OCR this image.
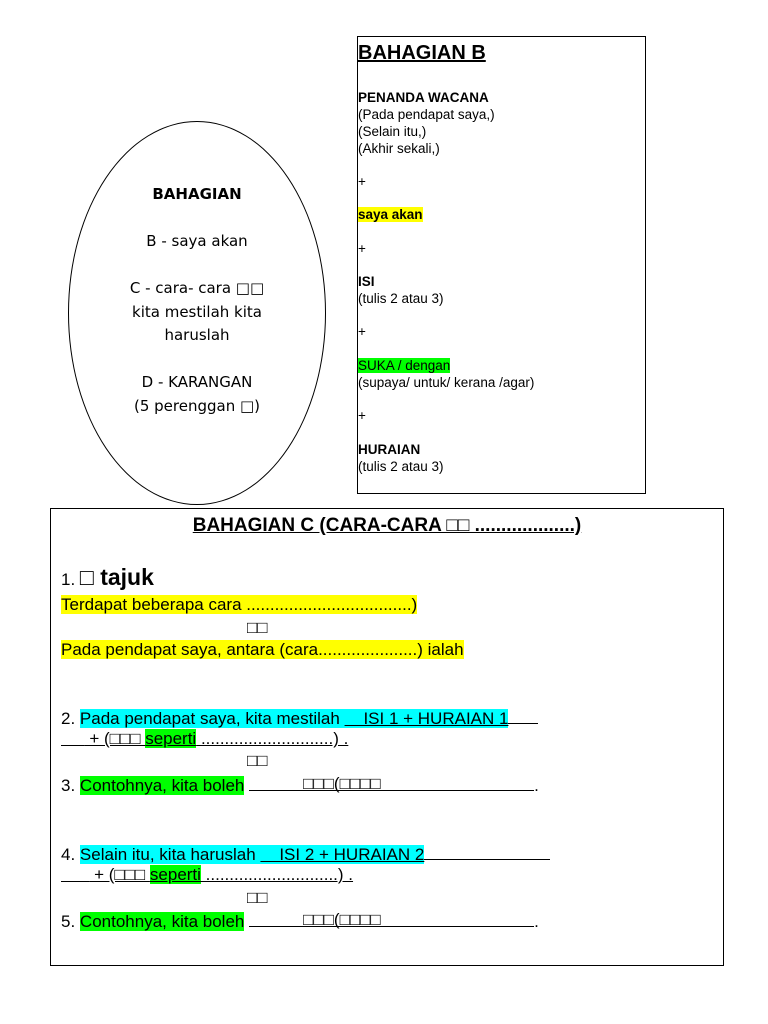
BAHAGIAN
B - saya akan
C - cara- cara □□
kita mestilah kita
haruslah
D - KARANGAN
(5 perenggan □)
BAHAGIAN B
PENANDA WACANA
(Pada pendapat saya,)
(Selain itu,)
(Akhir sekali,)
+
saya akan
+
ISI
(tulis 2 atau 3)
+
SUKA / dengan
(supaya/ untuk/ kerana /agar)
+
HURAIAN
(tulis 2 atau 3)
BAHAGIAN C (CARA-CARA □□ ...................)
1. □ tajuk
Terdapat beberapa cara ...................................)
□□
Pada pendapat saya, antara (cara.....................) ialah
2. Pada pendapat saya, kita mestilah     ISI 1 + HURAIAN 1
+ (□□□ seperti ............................) .
□□
3. Contohnya, kita boleh	□□□(□□□□	.
4. Selain itu, kita haruslah     ISI 2 + HURAIAN 2
+ (□□□ seperti ............................) .
□□
5. Contohnya, kita boleh	□□□(□□□□	.
